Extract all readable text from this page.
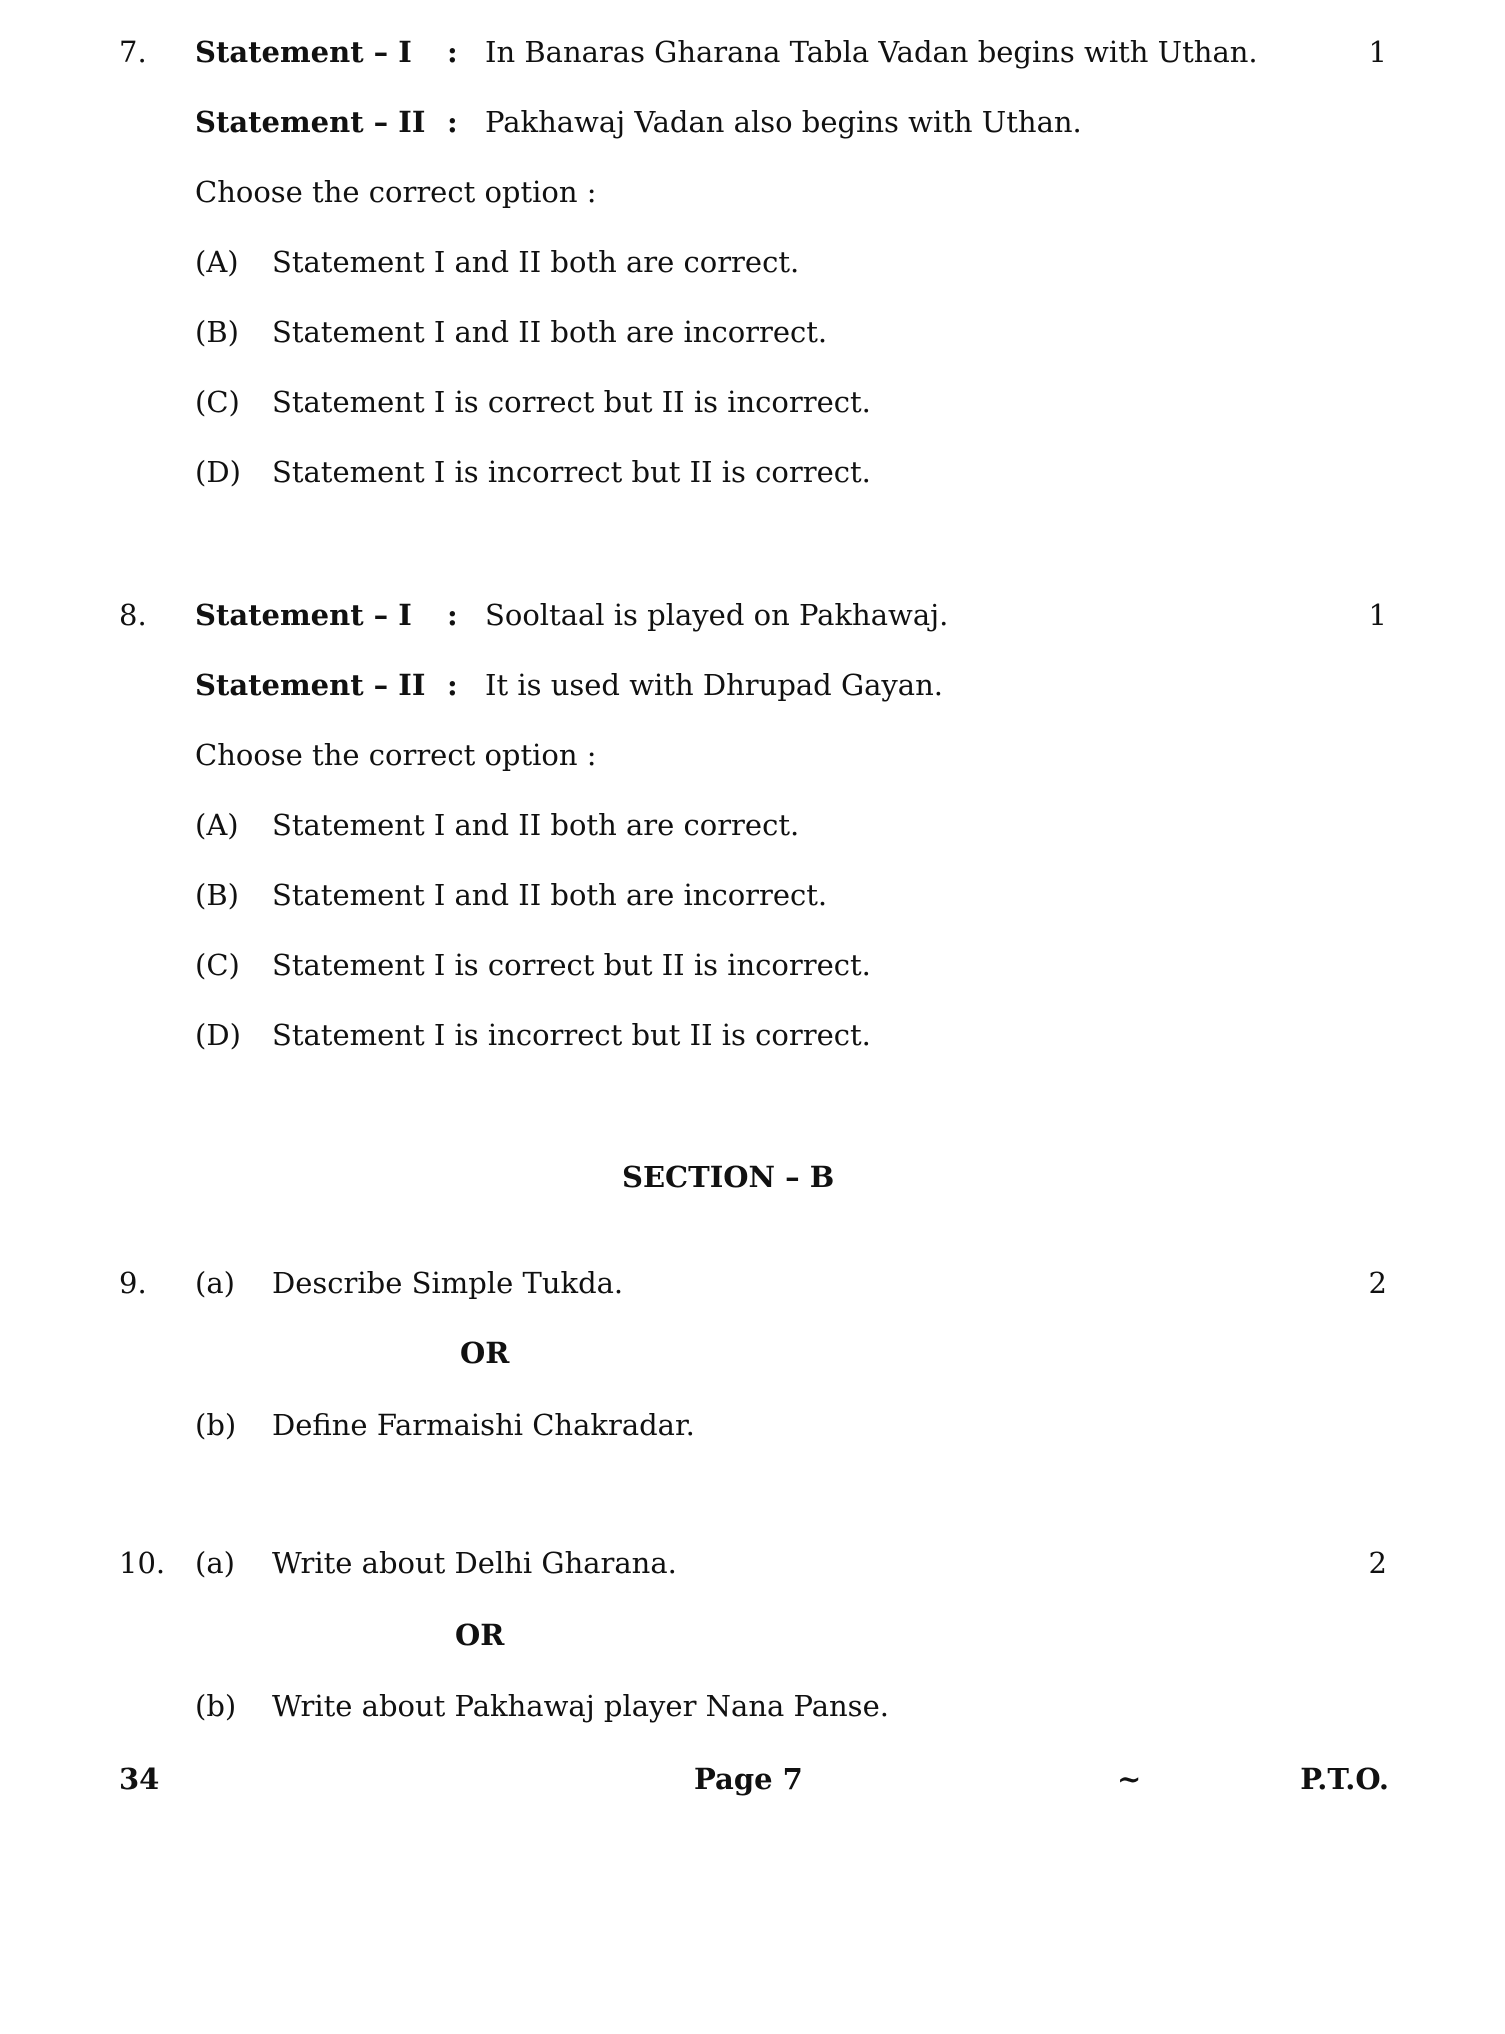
7. Statement – I : In Banaras Gharana Tabla Vadan begins with Uthan.	1
Statement – II : Pakhawaj Vadan also begins with Uthan.
Choose the correct option :
(A) Statement I and II both are correct.
(B) Statement I and II both are incorrect.
(C) Statement I is correct but II is incorrect.
(D) Statement I is incorrect but II is correct.
8. Statement – I : Sooltaal is played on Pakhawaj.	1
Statement – II : It is used with Dhrupad Gayan.
Choose the correct option :
(A) Statement I and II both are correct.
(B) Statement I and II both are incorrect.
(C) Statement I is correct but II is incorrect.
(D) Statement I is incorrect but II is correct.
SECTION – B
9. (a) Describe Simple Tukda.	2
OR
(b) Define Farmaishi Chakradar.
10. (a) Write about Delhi Gharana.	2
OR
(b) Write about Pakhawaj player Nana Panse.
34	Page 7	~	P.T.O.
